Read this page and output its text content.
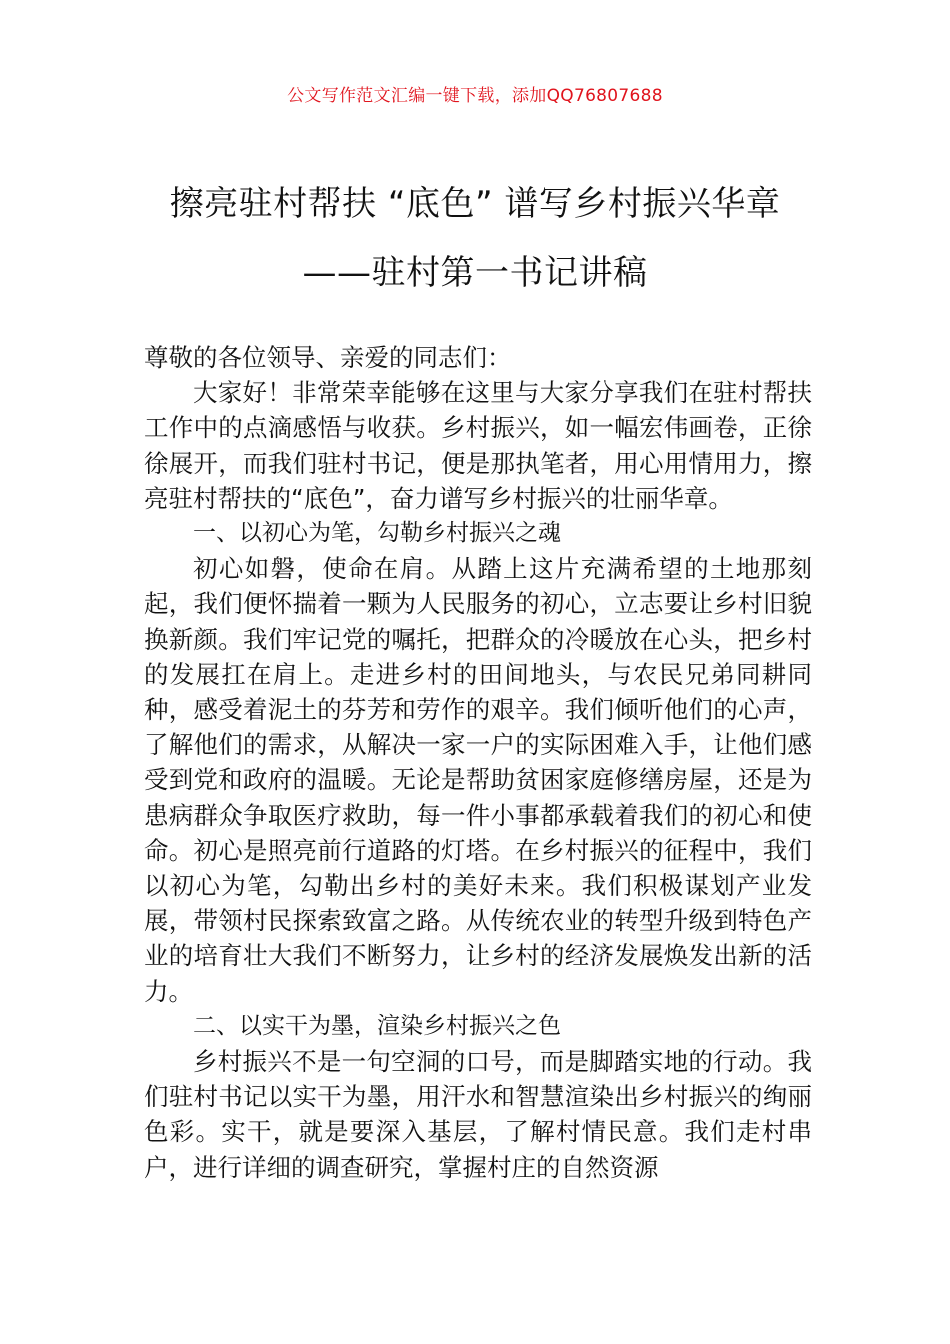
公文写作范文汇编一键下载，添加QQ76807688
擦亮驻村帮扶 “底色” 谱写乡村振兴华章
——驻村第一书记讲稿

尊敬的各位领导、亲爱的同志们：

大家好！非常荣幸能够在这里与大家分享我们在驻村帮扶工作中的点滴感悟与收获。乡村振兴，如一幅宏伟画卷，正徐徐展开，而我们驻村书记，便是那执笔者，用心用情用力，擦亮驻村帮扶的“底色”，奋力谱写乡村振兴的壮丽华章。

一、以初心为笔，勾勒乡村振兴之魂

初心如磐，使命在肩。从踏上这片充满希望的土地那刻起，我们便怀揣着一颗为人民服务的初心，立志要让乡村旧貌换新颜。我们牢记党的嘱托，把群众的冷暖放在心头，把乡村的发展扛在肩上。走进乡村的田间地头，与农民兄弟同耕同种，感受着泥土的芬芳和劳作的艰辛。我们倾听他们的心声，了解他们的需求，从解决一家一户的实际困难入手，让他们感受到党和政府的温暖。无论是帮助贫困家庭修缮房屋，还是为患病群众争取医疗救助，每一件小事都承载着我们的初心和使命。初心是照亮前行道路的灯塔。在乡村振兴的征程中，我们以初心为笔，勾勒出乡村的美好未来。我们积极谋划产业发展，带领村民探索致富之路。从传统农业的转型升级到特色产业的培育壮大我们不断努力，让乡村的经济发展焕发出新的活力。

二、以实干为墨，渲染乡村振兴之色

乡村振兴不是一句空洞的口号，而是脚踏实地的行动。我们驻村书记以实干为墨，用汗水和智慧渲染出乡村振兴的绚丽色彩。实干，就是要深入基层，了解村情民意。我们走村串户，进行详细的调查研究，掌握村庄的自然资源
